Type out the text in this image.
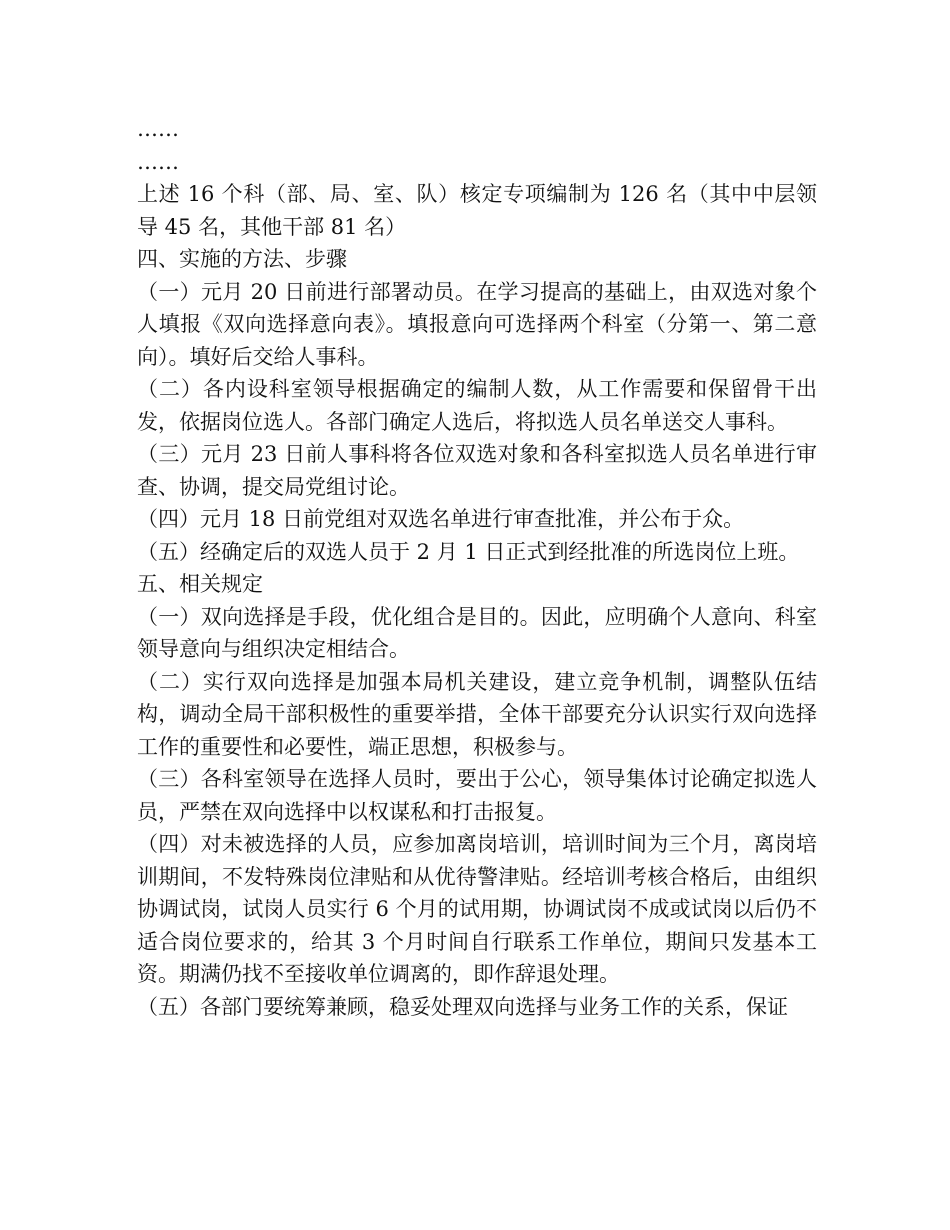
……

……

上述 16 个科（部、局、室、队）核定专项编制为 126 名（其中中层领导 45 名，其他干部 81 名）

四、实施的方法、步骤

（一）元月 20 日前进行部署动员。在学习提高的基础上，由双选对象个人填报《双向选择意向表》。填报意向可选择两个科室（分第一、第二意向）。填好后交给人事科。

（二）各内设科室领导根据确定的编制人数，从工作需要和保留骨干出发，依据岗位选人。各部门确定人选后，将拟选人员名单送交人事科。

（三）元月 23 日前人事科将各位双选对象和各科室拟选人员名单进行审查、协调，提交局党组讨论。

（四）元月 18 日前党组对双选名单进行审查批准，并公布于众。

（五）经确定后的双选人员于 2 月 1 日正式到经批准的所选岗位上班。

五、相关规定

（一）双向选择是手段，优化组合是目的。因此，应明确个人意向、科室领导意向与组织决定相结合。

（二）实行双向选择是加强本局机关建设，建立竞争机制，调整队伍结构，调动全局干部积极性的重要举措，全体干部要充分认识实行双向选择工作的重要性和必要性，端正思想，积极参与。

（三）各科室领导在选择人员时，要出于公心，领导集体讨论确定拟选人员，严禁在双向选择中以权谋私和打击报复。

（四）对未被选择的人员，应参加离岗培训，培训时间为三个月，离岗培训期间，不发特殊岗位津贴和从优待警津贴。经培训考核合格后，由组织协调试岗，试岗人员实行 6 个月的试用期，协调试岗不成或试岗以后仍不适合岗位要求的，给其 3 个月时间自行联系工作单位，期间只发基本工资。期满仍找不至接收单位调离的，即作辞退处理。

（五）各部门要统筹兼顾，稳妥处理双向选择与业务工作的关系，保证
